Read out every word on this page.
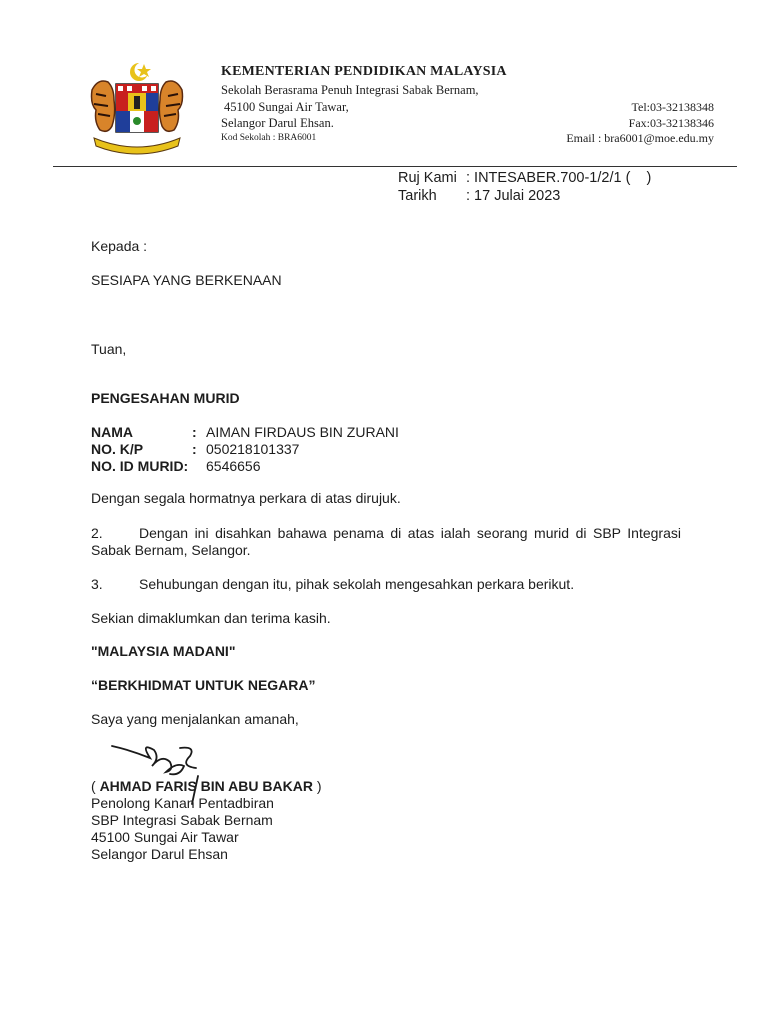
KEMENTERIAN PENDIDIKAN MALAYSIA
Sekolah Berasrama Penuh Integrasi Sabak Bernam,
45100 Sungai Air Tawar,
Selangor Darul Ehsan.
Kod Sekolah : BRA6001
Tel:03-32138348
Fax:03-32138346
Email : bra6001@moe.edu.my
Ruj Kami : INTESABER.700-1/2/1 (    )
Tarikh	: 17 Julai 2023
Kepada :
SESIAPA YANG BERKENAAN
Tuan,
PENGESAHAN MURID
NAMA	: AIMAN FIRDAUS BIN ZURANI
NO. K/P	: 050218101337
NO. ID MURID:	6546656
Dengan segala hormatnya perkara di atas dirujuk.
2.	Dengan ini disahkan bahawa penama di atas ialah seorang murid di SBP Integrasi Sabak Bernam, Selangor.
3.	Sehubungan dengan itu, pihak sekolah mengesahkan perkara berikut.
Sekian dimaklumkan dan terima kasih.
"MALAYSIA MADANI"
“BERKHIDMAT UNTUK NEGARA”
Saya yang menjalankan amanah,
( AHMAD FARIS BIN ABU BAKAR )
Penolong Kanan Pentadbiran
SBP Integrasi Sabak Bernam
45100 Sungai Air Tawar
Selangor Darul Ehsan
